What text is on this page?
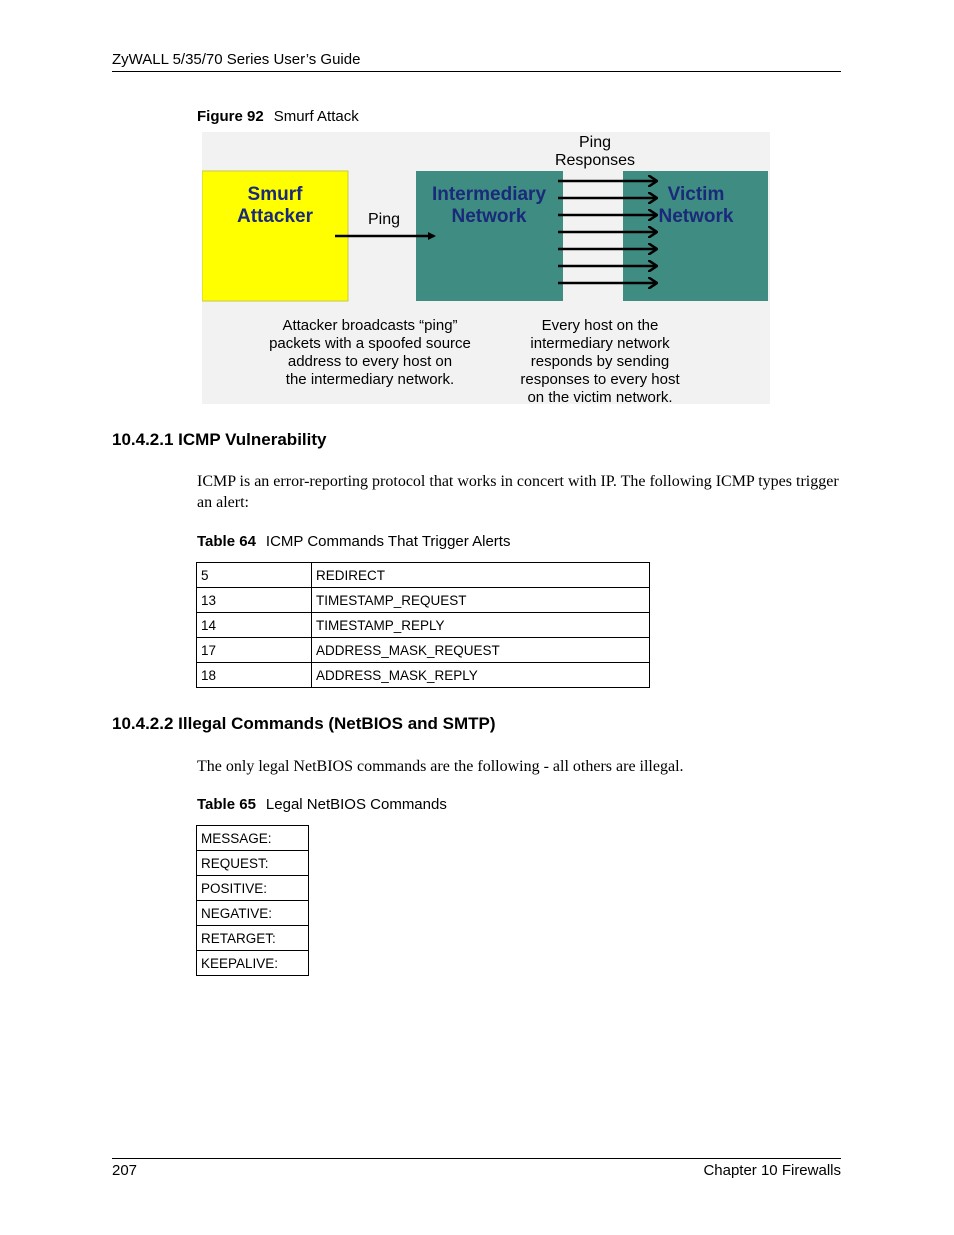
ZyWALL 5/35/70 Series User’s Guide
Figure 92 Smurf Attack
Smurf
Attacker	Ping
Intermediary
Network
Victim
Network
Ping
Responses
Attacker broadcasts “ping”
packets with a spoofed source
address to every host on
the intermediary network.
Every host on the
intermediary network
responds by sending
responses to every host
on the victim network.
10.4.2.1 ICMP Vulnerability
ICMP is an error-reporting protocol that works in concert with IP. The following ICMP types trigger an alert:
Table 64 ICMP Commands That Trigger Alerts
5	REDIRECT
13	TIMESTAMP_REQUEST
14	TIMESTAMP_REPLY
17	ADDRESS_MASK_REQUEST
18	ADDRESS_MASK_REPLY
10.4.2.2 Illegal Commands (NetBIOS and SMTP)
The only legal NetBIOS commands are the following - all others are illegal.
Table 65 Legal NetBIOS Commands
MESSAGE:
REQUEST:
POSITIVE:
NEGATIVE:
RETARGET:
KEEPALIVE:
207	Chapter 10 Firewalls
